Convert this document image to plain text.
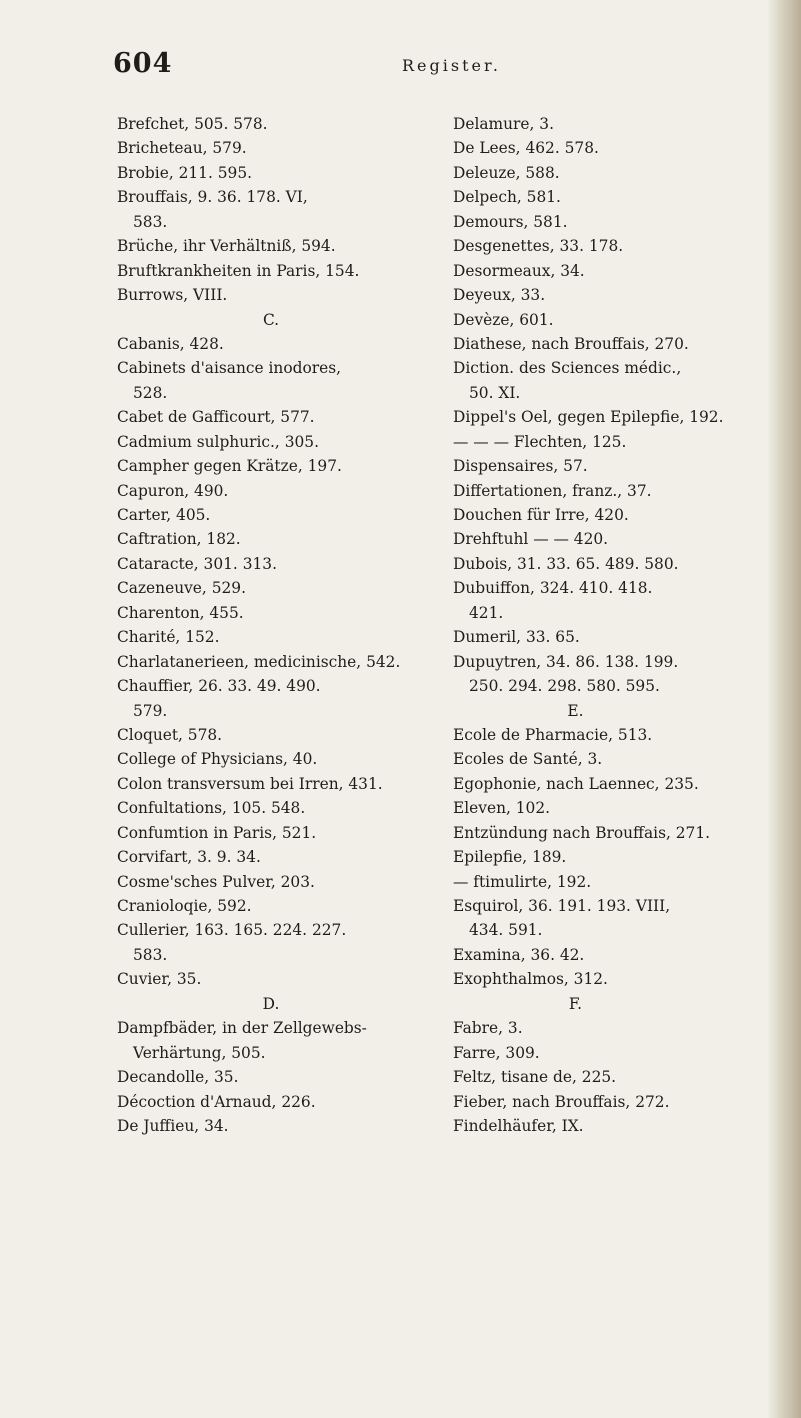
604	Register.
Brefchet, 505. 578.
Bricheteau, 579.
Brobie, 211. 595.
Brouffais, 9. 36. 178. VI,
583.
Brüche, ihr Verhältniß, 594.
Bruftkrankheiten in Paris, 154.
Burrows, VIII.
C.
Cabanis, 428.
Cabinets d'aisance inodores,
528.
Cabet de Gafficourt, 577.
Cadmium sulphuric., 305.
Campher gegen Krätze, 197.
Capuron, 490.
Carter, 405.
Caftration, 182.
Cataracte, 301. 313.
Cazeneuve, 529.
Charenton, 455.
Charité, 152.
Charlatanerieen, medicinische, 542.
Chauffier, 26. 33. 49. 490.
579.
Cloquet, 578.
College of Physicians, 40.
Colon transversum bei Irren, 431.
Confultations, 105. 548.
Confumtion in Paris, 521.
Corvifart, 3. 9. 34.
Cosme'sches Pulver, 203.
Cranioloqie, 592.
Cullerier, 163. 165. 224. 227.
583.
Cuvier, 35.
D.
Dampfbäder, in der Zellgewebs-
Verhärtung, 505.
Decandolle, 35.
Décoction d'Arnaud, 226.
De Juffieu, 34.
Delamure, 3.
De Lees, 462. 578.
Deleuze, 588.
Delpech, 581.
Demours, 581.
Desgenettes, 33. 178.
Desormeaux, 34.
Deyeux, 33.
Devèze, 601.
Diathese, nach Brouffais, 270.
Diction. des Sciences médic.,
50. XI.
Dippel's Oel, gegen Epilepfie, 192.
— — — Flechten, 125.
Dispensaires, 57.
Differtationen, franz., 37.
Douchen für Irre, 420.
Drehftuhl — — 420.
Dubois, 31. 33. 65. 489. 580.
Dubuiffon, 324. 410. 418.
421.
Dumeril, 33. 65.
Dupuytren, 34. 86. 138. 199.
250. 294. 298. 580. 595.
E.
Ecole de Pharmacie, 513.
Ecoles de Santé, 3.
Egophonie, nach Laennec, 235.
Eleven, 102.
Entzündung nach Brouffais, 271.
Epilepfie, 189.
— ftimulirte, 192.
Esquirol, 36. 191. 193. VIII,
434. 591.
Examina, 36. 42.
Exophthalmos, 312.
F.
Fabre, 3.
Farre, 309.
Feltz, tisane de, 225.
Fieber, nach Brouffais, 272.
Findelhäufer, IX.
